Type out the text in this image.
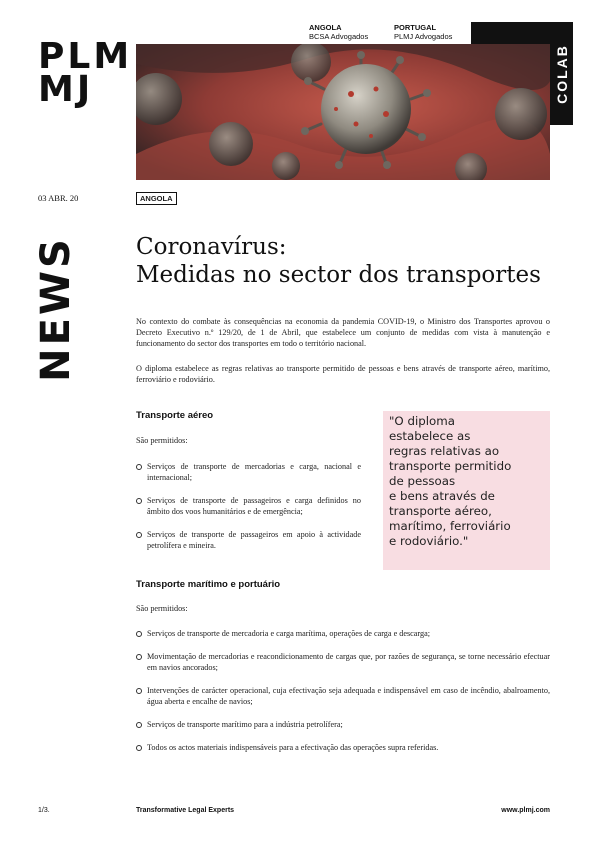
PLM
MJ
ANGOLA
BCSA Advogados
PORTUGAL
PLMJ Advogados
COLAB
03 ABR. 20	ANGOLA
NEWS Coronavírus:
Medidas no sector dos transportes
No contexto do combate às consequências na economia da pandemia COVID-19, o Ministro dos Transportes aprovou o Decreto Executivo n.º 129/20, de 1 de Abril, que estabelece um conjunto de medidas com vista à manutenção e funcionamento do sector dos transportes em todo o território nacional.
O diploma estabelece as regras relativas ao transporte permitido de pessoas e bens através de transporte aéreo, marítimo, ferroviário e rodoviário.
Transporte aéreo
São permitidos:
Serviços de transporte de mercadorias e carga, nacional e internacional;
Serviços de transporte de passageiros e carga definidos no âmbito dos voos humanitários e de emergência;
Serviços de transporte de passageiros em apoio à actividade petrolífera e mineira.
"O diploma
estabelece as
regras relativas ao
transporte permitido
de pessoas
e bens através de
transporte aéreo,
marítimo, ferroviário
e rodoviário."
Transporte marítimo e portuário
São permitidos:
Serviços de transporte de mercadoria e carga marítima, operações de carga e descarga;
Movimentação de mercadorias e reacondicionamento de cargas que, por razões de segurança, se torne necessário efectuar em navios ancorados;
Intervenções de carácter operacional, cuja efectivação seja adequada e indispensável em caso de incêndio, abalroamento, água aberta e encalhe de navios;
Serviços de transporte marítimo para a indústria petrolífera;
Todos os actos materiais indispensáveis para a efectivação das operações supra referidas.
1/3.	Transformative Legal Experts	www.plmj.com
